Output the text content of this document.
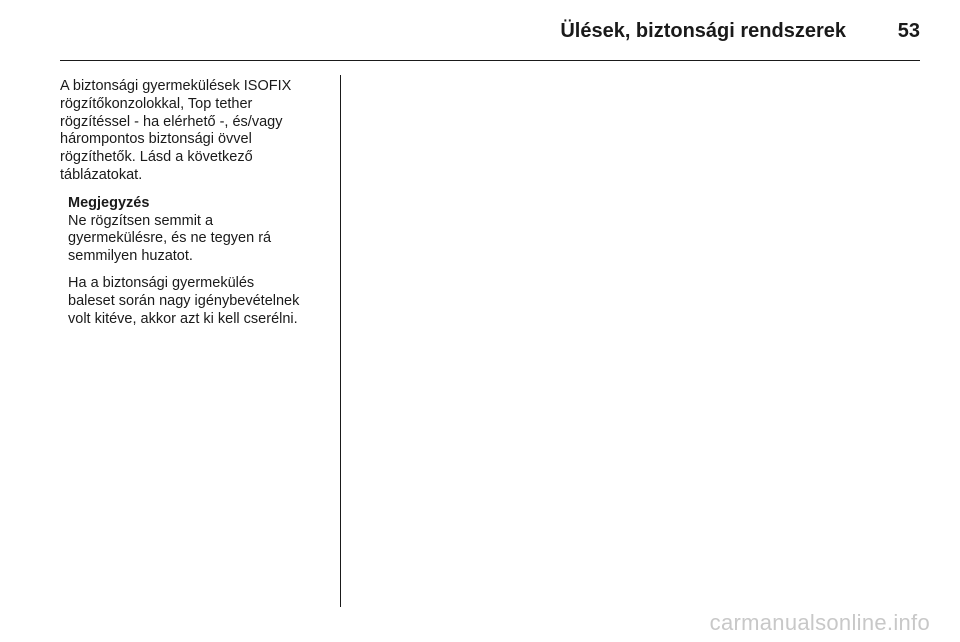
Ülések, biztonsági rendszerek	53
A biztonsági gyermekülések ISOFIX
rögzítőkonzolokkal, Top tether
rögzítéssel - ha elérhető -, és/vagy
hárompontos biztonsági övvel
rögzíthetők. Lásd a következő
táblázatokat.
Megjegyzés
Ne rögzítsen semmit a
gyermekülésre, és ne tegyen rá
semmilyen huzatot.
Ha a biztonsági gyermekülés
baleset során nagy igénybevételnek
volt kitéve, akkor azt ki kell cserélni.
carmanualsonline.info
